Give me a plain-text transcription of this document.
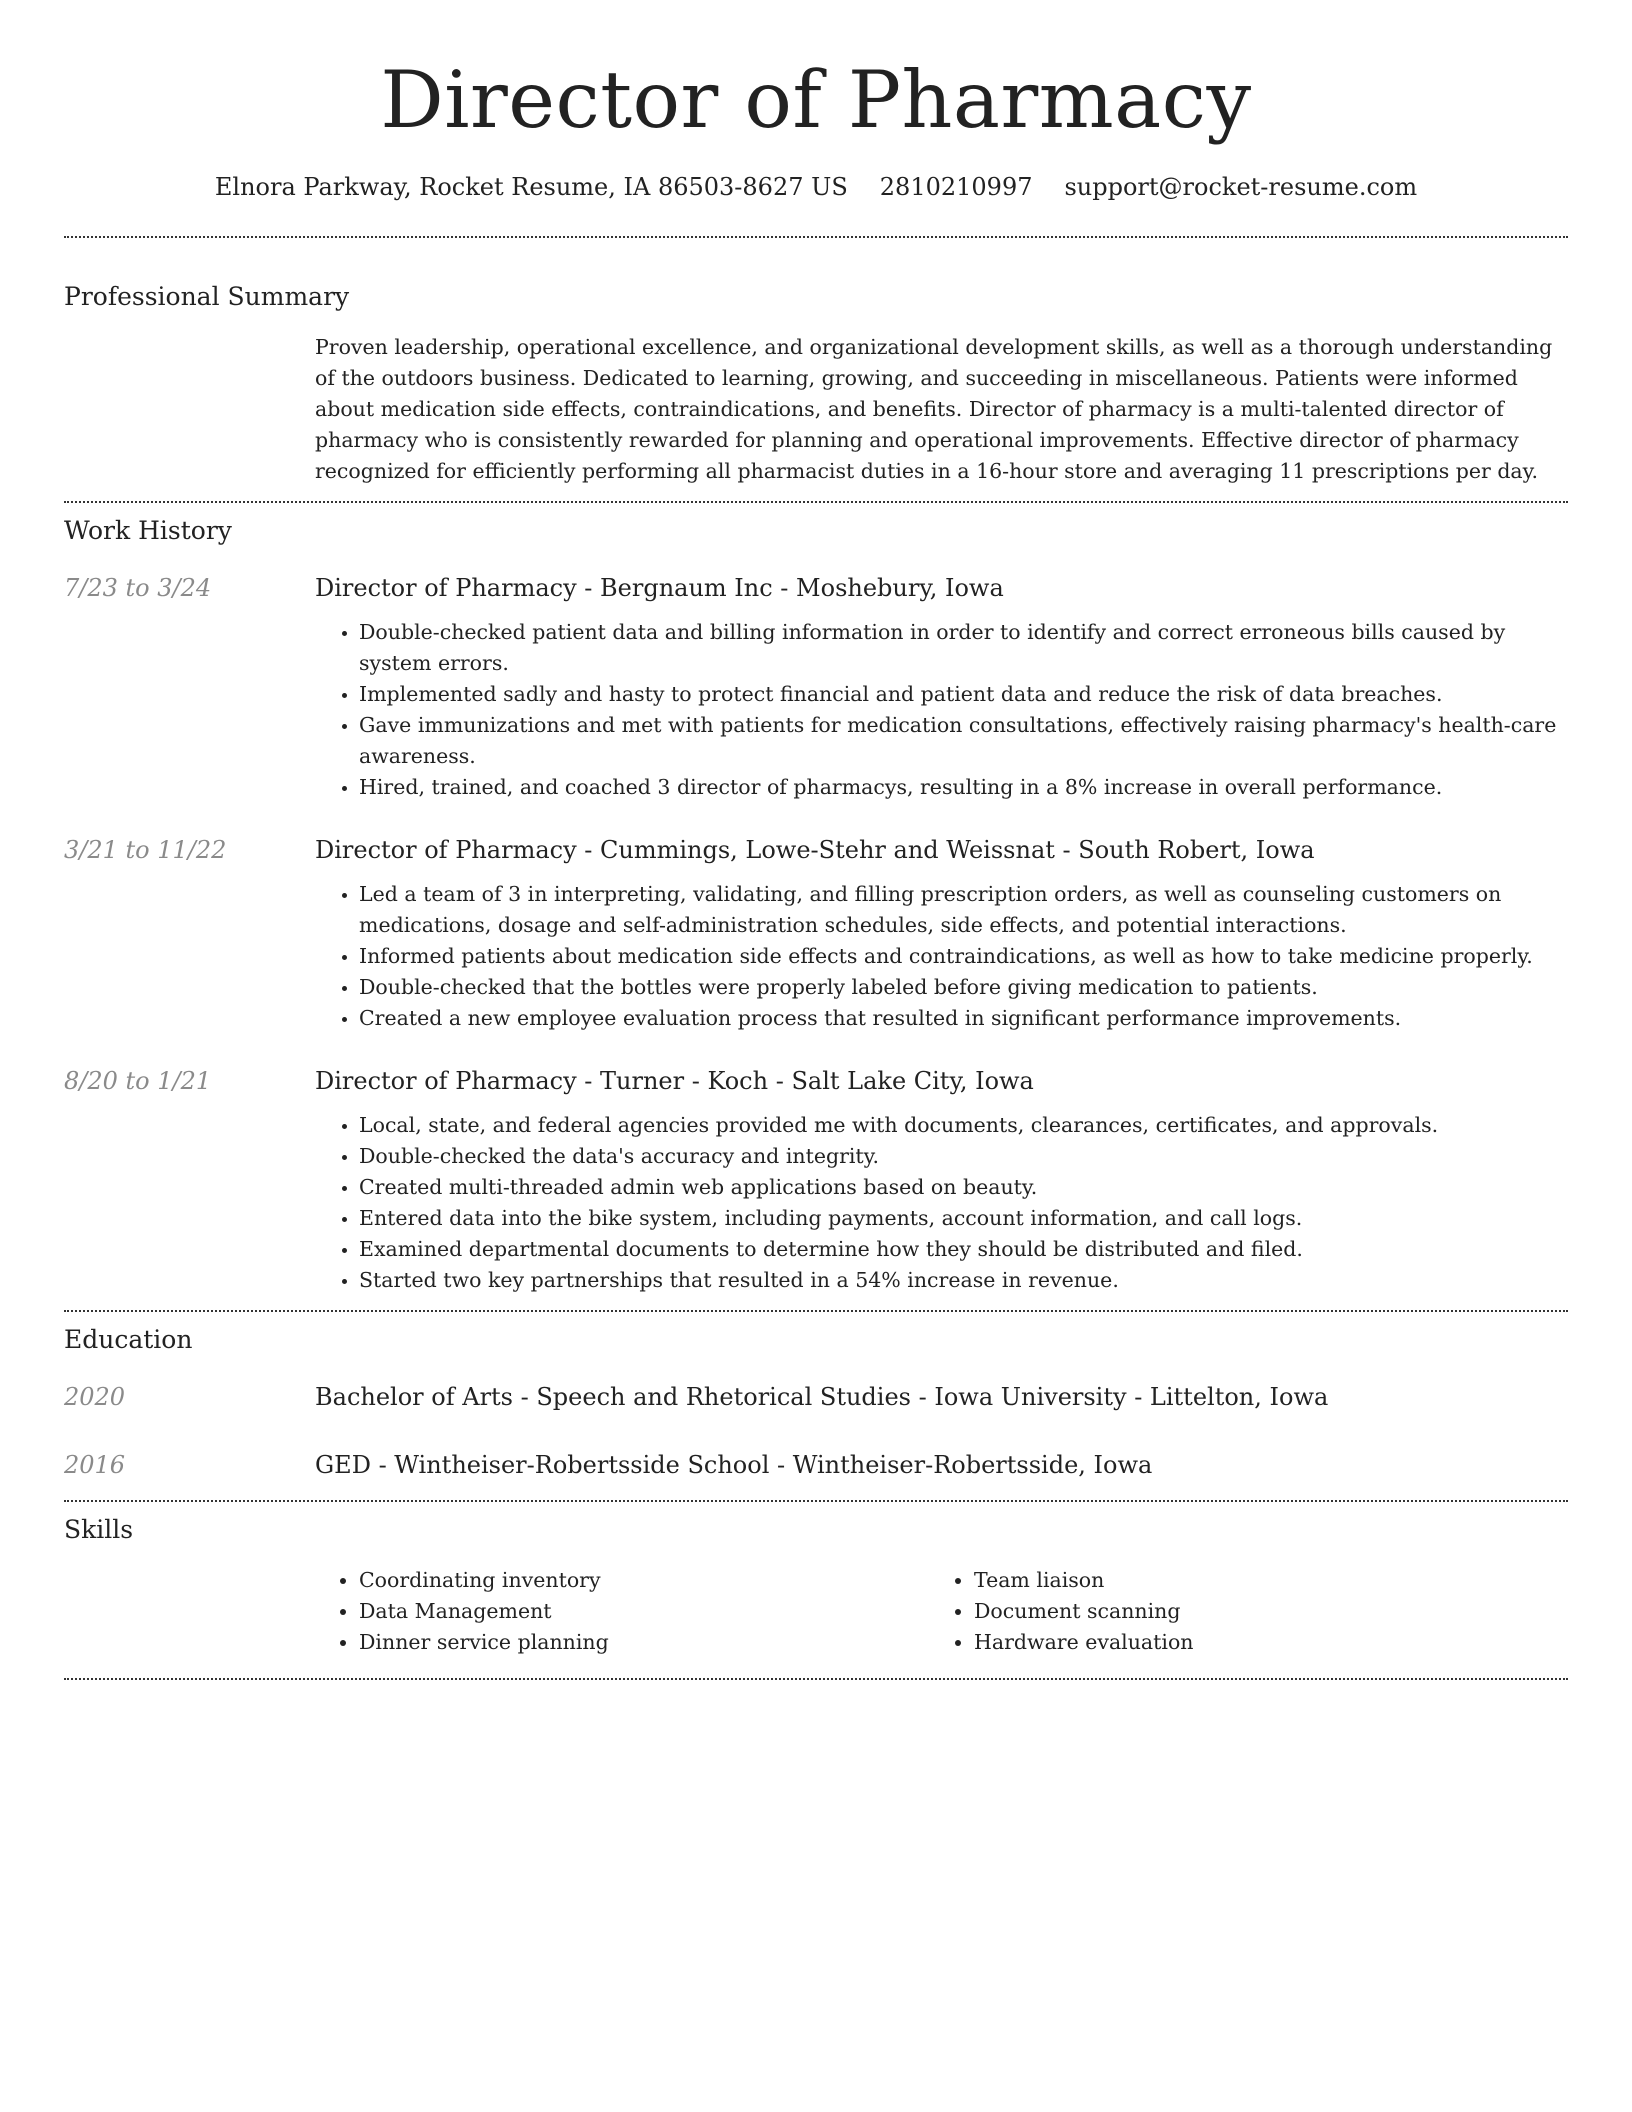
Director of Pharmacy
Elnora Parkway, Rocket Resume, IA 86503-8627 US 2810210997 support@rocket-resume.com
Professional Summary
Proven leadership, operational excellence, and organizational development skills, as well as a thorough understanding of the outdoors business. Dedicated to learning, growing, and succeeding in miscellaneous. Patients were informed about medication side effects, contraindications, and benefits. Director of pharmacy is a multi-talented director of pharmacy who is consistently rewarded for planning and operational improvements. Effective director of pharmacy recognized for efficiently performing all pharmacist duties in a 16-hour store and averaging 11 prescriptions per day.
Work History
7/23 to 3/24	Director of Pharmacy - Bergnaum Inc - Moshebury, Iowa
• Double-checked patient data and billing information in order to identify and correct erroneous bills caused by system errors.
• Implemented sadly and hasty to protect financial and patient data and reduce the risk of data breaches.
• Gave immunizations and met with patients for medication consultations, effectively raising pharmacy's health-care awareness.
• Hired, trained, and coached 3 director of pharmacys, resulting in a 8% increase in overall performance.
3/21 to 11/22	Director of Pharmacy - Cummings, Lowe-Stehr and Weissnat - South Robert, Iowa
• Led a team of 3 in interpreting, validating, and filling prescription orders, as well as counseling customers on medications, dosage and self-administration schedules, side effects, and potential interactions.
• Informed patients about medication side effects and contraindications, as well as how to take medicine properly.
• Double-checked that the bottles were properly labeled before giving medication to patients.
• Created a new employee evaluation process that resulted in significant performance improvements.
8/20 to 1/21	Director of Pharmacy - Turner - Koch - Salt Lake City, Iowa
• Local, state, and federal agencies provided me with documents, clearances, certificates, and approvals.
• Double-checked the data's accuracy and integrity.
• Created multi-threaded admin web applications based on beauty.
• Entered data into the bike system, including payments, account information, and call logs.
• Examined departmental documents to determine how they should be distributed and filed.
• Started two key partnerships that resulted in a 54% increase in revenue.
Education
2020	Bachelor of Arts - Speech and Rhetorical Studies - Iowa University - Littelton, Iowa
2016	GED - Wintheiser-Robertsside School - Wintheiser-Robertsside, Iowa
Skills
• Coordinating inventory
• Data Management
• Dinner service planning
• Team liaison
• Document scanning
• Hardware evaluation
